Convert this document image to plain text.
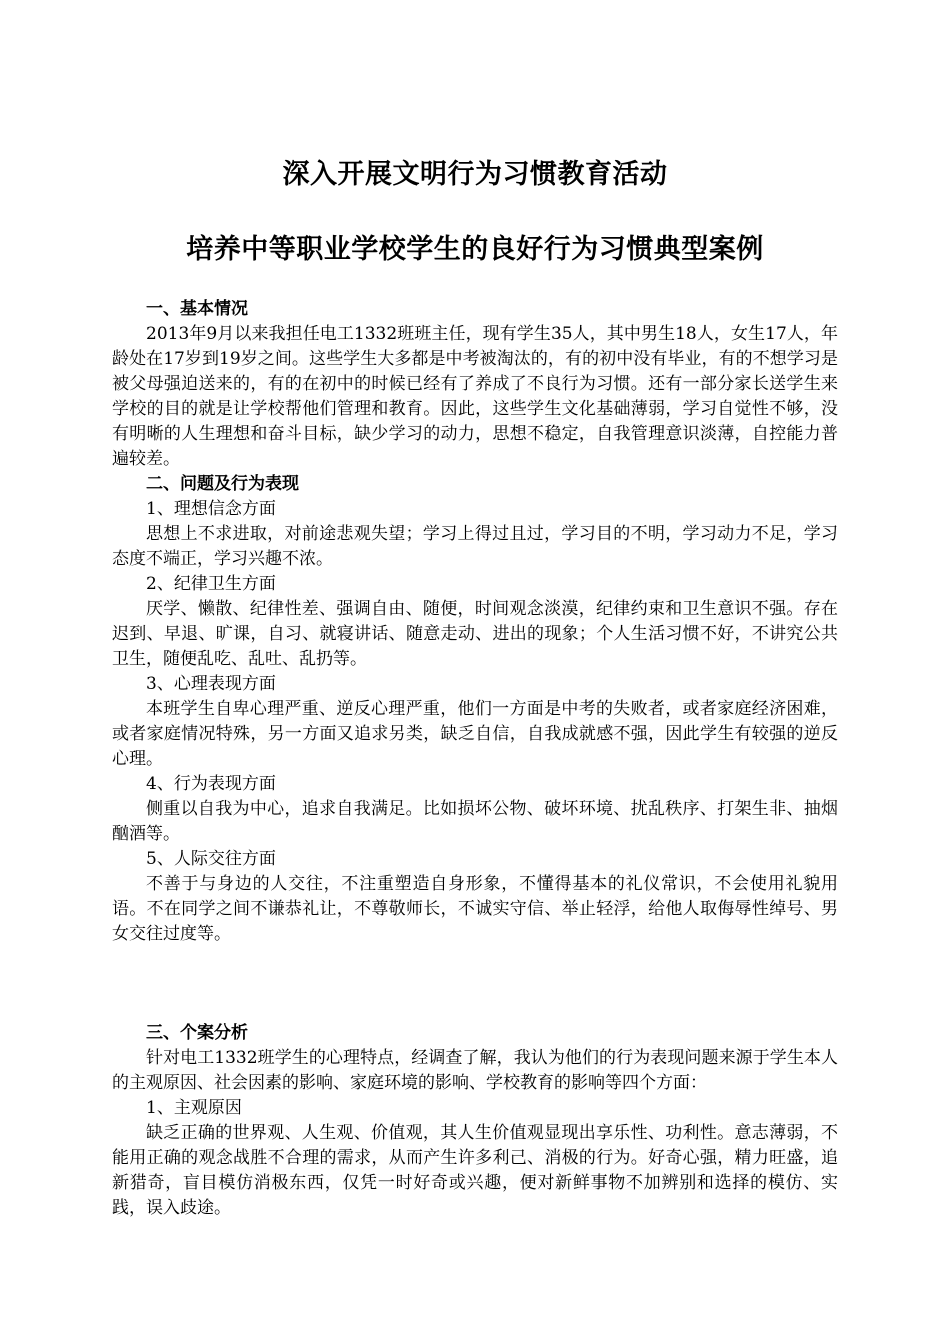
深入开展文明行为习惯教育活动
培养中等职业学校学生的良好行为习惯典型案例

一、基本情况

2013年9月以来我担任电工1332班班主任，现有学生35人，其中男生18人，女生17人，年龄处在17岁到19岁之间。这些学生大多都是中考被淘汰的，有的初中没有毕业，有的不想学习是被父母强迫送来的，有的在初中的时候已经有了养成了不良行为习惯。还有一部分家长送学生来学校的目的就是让学校帮他们管理和教育。因此，这些学生文化基础薄弱，学习自觉性不够，没有明晰的人生理想和奋斗目标，缺少学习的动力，思想不稳定，自我管理意识淡薄，自控能力普遍较差。

二、问题及行为表现

1、理想信念方面

思想上不求进取，对前途悲观失望；学习上得过且过，学习目的不明，学习动力不足，学习态度不端正，学习兴趣不浓。

2、纪律卫生方面

厌学、懒散、纪律性差、强调自由、随便，时间观念淡漠，纪律约束和卫生意识不强。存在迟到、早退、旷课，自习、就寝讲话、随意走动、进出的现象；个人生活习惯不好，不讲究公共卫生，随便乱吃、乱吐、乱扔等。

3、心理表现方面

本班学生自卑心理严重、逆反心理严重，他们一方面是中考的失败者，或者家庭经济困难，或者家庭情况特殊，另一方面又追求另类，缺乏自信，自我成就感不强，因此学生有较强的逆反心理。

4、行为表现方面

侧重以自我为中心，追求自我满足。比如损坏公物、破坏环境、扰乱秩序、打架生非、抽烟酗酒等。

5、人际交往方面

不善于与身边的人交往，不注重塑造自身形象，不懂得基本的礼仪常识，不会使用礼貌用语。不在同学之间不谦恭礼让，不尊敬师长，不诚实守信、举止轻浮，给他人取侮辱性绰号、男女交往过度等。

三、个案分析

针对电工1332班学生的心理特点，经调查了解，我认为他们的行为表现问题来源于学生本人的主观原因、社会因素的影响、家庭环境的影响、学校教育的影响等四个方面：

1、主观原因

缺乏正确的世界观、人生观、价值观，其人生价值观显现出享乐性、功利性。意志薄弱，不能用正确的观念战胜不合理的需求，从而产生许多利己、消极的行为。好奇心强，精力旺盛，追新猎奇，盲目模仿消极东西，仅凭一时好奇或兴趣，便对新鲜事物不加辨别和选择的模仿、实践，误入歧途。
